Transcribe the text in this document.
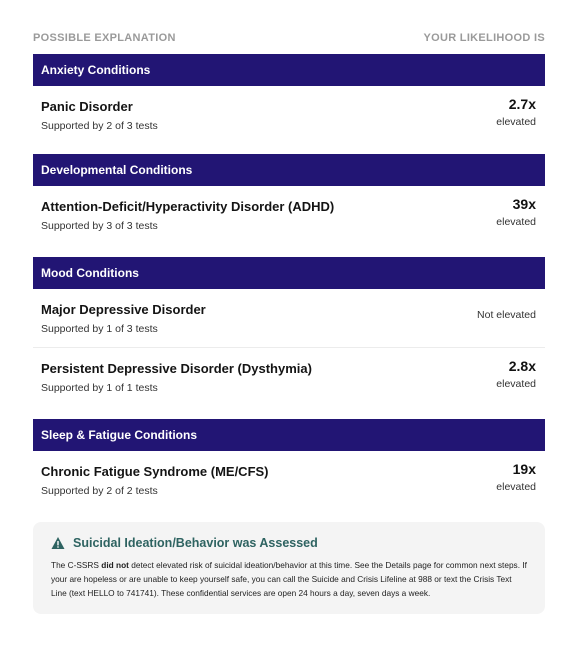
POSSIBLE EXPLANATION	YOUR LIKELIHOOD IS
Anxiety Conditions
Panic Disorder
Supported by 2 of 3 tests
2.7x
elevated
Developmental Conditions
Attention-Deficit/Hyperactivity Disorder (ADHD)
Supported by 3 of 3 tests
39x
elevated
Mood Conditions
Major Depressive Disorder
Supported by 1 of 3 tests
Not elevated
Persistent Depressive Disorder (Dysthymia)
Supported by 1 of 1 tests
2.8x
elevated
Sleep & Fatigue Conditions
Chronic Fatigue Syndrome (ME/CFS)
Supported by 2 of 2 tests
19x
elevated
Suicidal Ideation/Behavior was Assessed
The C-SSRS did not detect elevated risk of suicidal ideation/behavior at this time. See the Details page for common next steps. If your are hopeless or are unable to keep yourself safe, you can call the Suicide and Crisis Lifeline at 988 or text the Crisis Text Line (text HELLO to 741741). These confidential services are open 24 hours a day, seven days a week.
